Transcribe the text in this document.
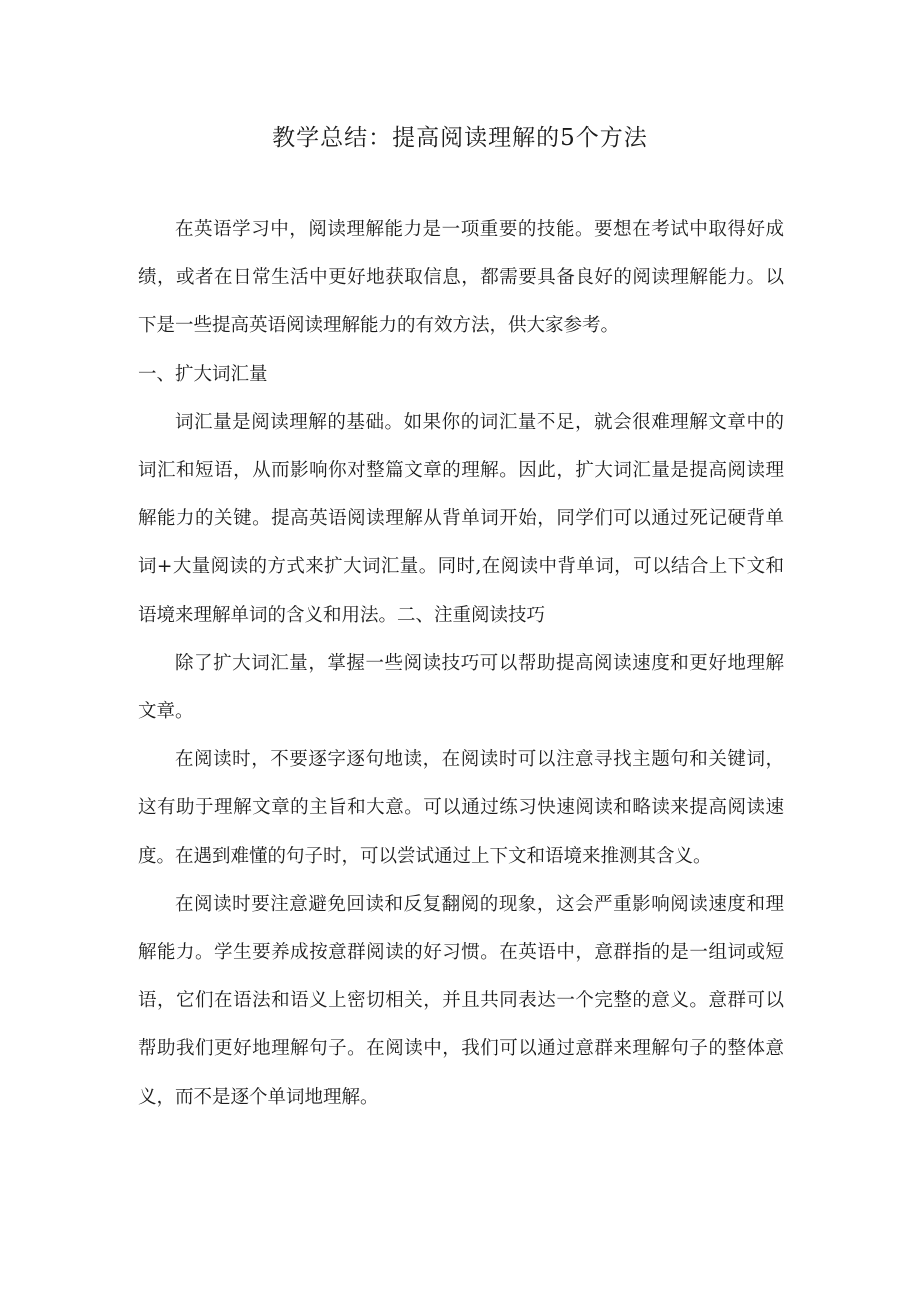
教学总结：提高阅读理解的5个方法

在英语学习中，阅读理解能力是一项重要的技能。要想在考试中取得好成绩，或者在日常生活中更好地获取信息，都需要具备良好的阅读理解能力。以下是一些提高英语阅读理解能力的有效方法，供大家参考。

一、扩大词汇量

词汇量是阅读理解的基础。如果你的词汇量不足，就会很难理解文章中的词汇和短语，从而影响你对整篇文章的理解。因此，扩大词汇量是提高阅读理解能力的关键。提高英语阅读理解从背单词开始，同学们可以通过死记硬背单词+大量阅读的方式来扩大词汇量。同时,在阅读中背单词，可以结合上下文和语境来理解单词的含义和用法。二、注重阅读技巧

除了扩大词汇量，掌握一些阅读技巧可以帮助提高阅读速度和更好地理解文章。

在阅读时，不要逐字逐句地读，在阅读时可以注意寻找主题句和关键词，这有助于理解文章的主旨和大意。可以通过练习快速阅读和略读来提高阅读速度。在遇到难懂的句子时，可以尝试通过上下文和语境来推测其含义。

在阅读时要注意避免回读和反复翻阅的现象，这会严重影响阅读速度和理解能力。学生要养成按意群阅读的好习惯。在英语中，意群指的是一组词或短语，它们在语法和语义上密切相关，并且共同表达一个完整的意义。意群可以帮助我们更好地理解句子。在阅读中，我们可以通过意群来理解句子的整体意义，而不是逐个单词地理解。
